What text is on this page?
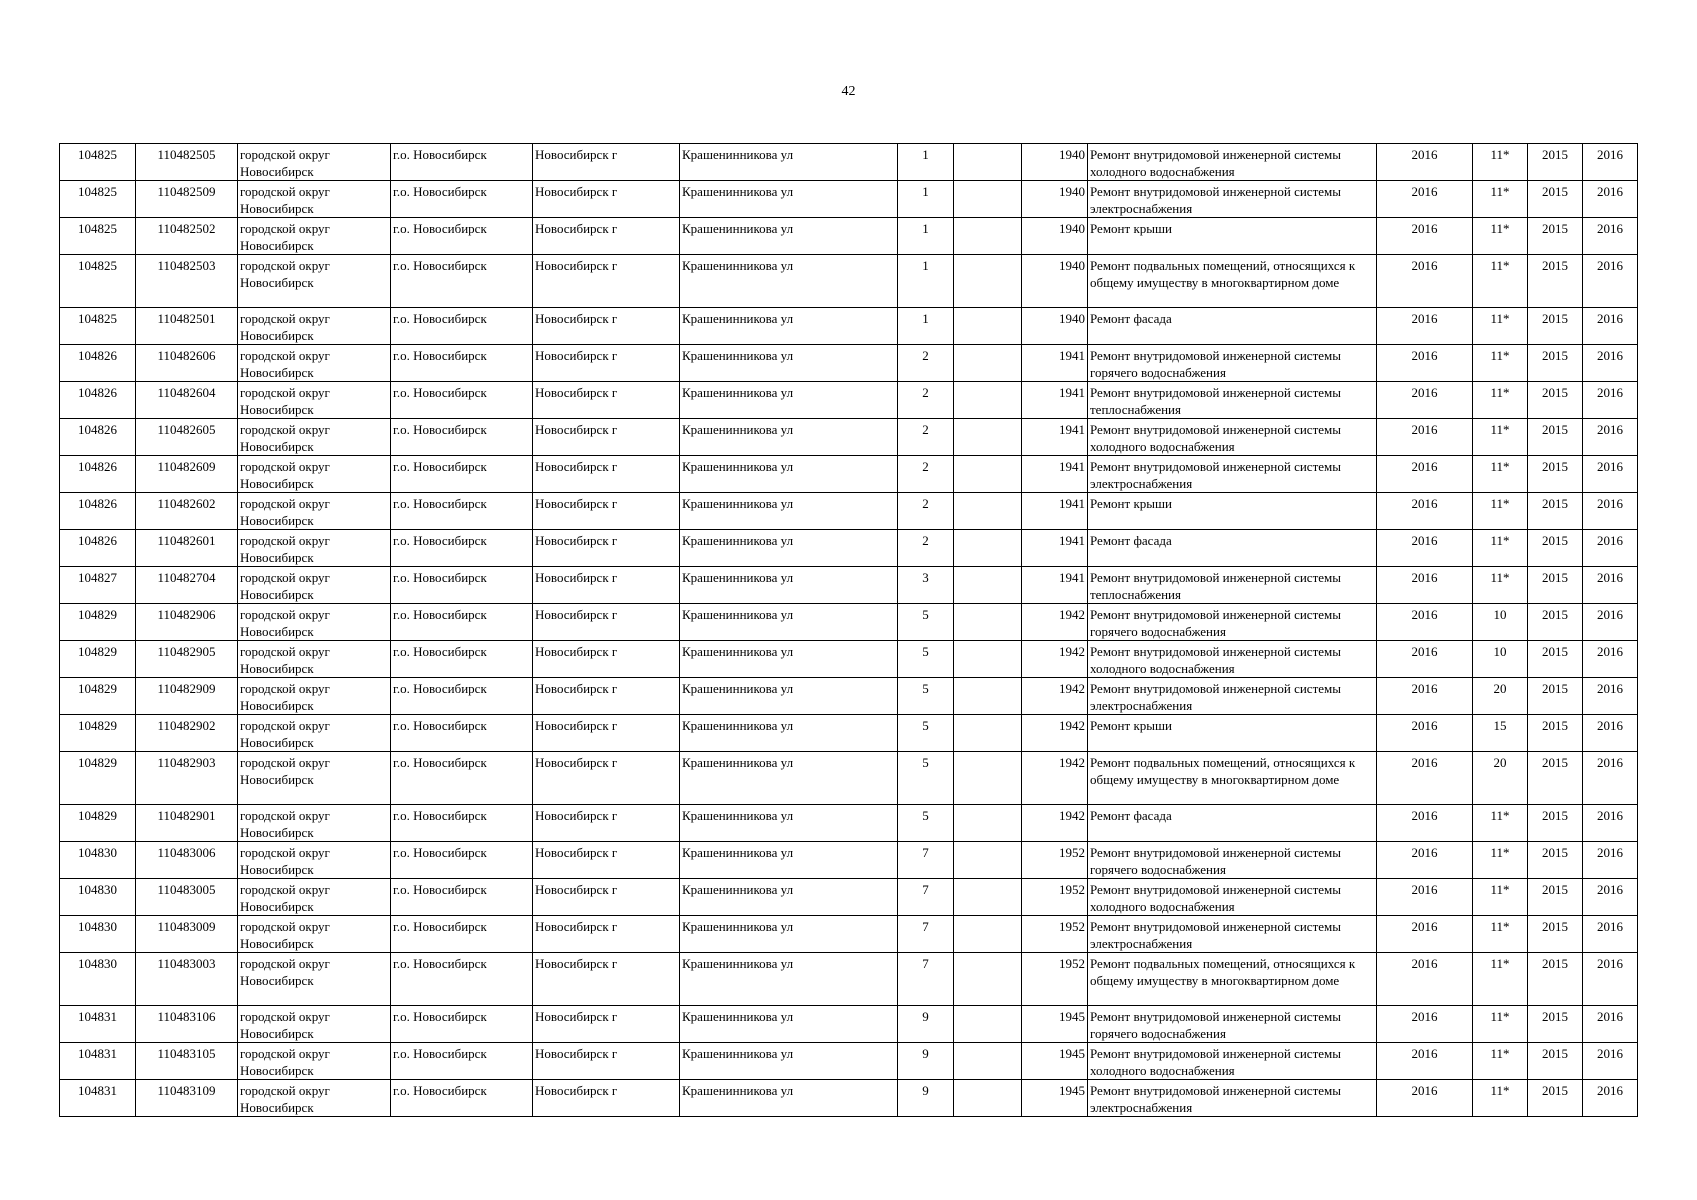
42
104825	110482505	городской округ Новосибирск	г.о. Новосибирск	Новосибирск г	Крашенинникова ул	1		1940	Ремонт внутридомовой инженерной системы холодного водоснабжения	2016	11*	2015	2016
104825	110482509	городской округ Новосибирск	г.о. Новосибирск	Новосибирск г	Крашенинникова ул	1		1940	Ремонт внутридомовой инженерной системы электроснабжения	2016	11*	2015	2016
104825	110482502	городской округ Новосибирск	г.о. Новосибирск	Новосибирск г	Крашенинникова ул	1		1940	Ремонт крыши	2016	11*	2015	2016
104825	110482503	городской округ Новосибирск	г.о. Новосибирск	Новосибирск г	Крашенинникова ул	1		1940	Ремонт подвальных помещений, относящихся к общему имуществу в многоквартирном доме	2016	11*	2015	2016
104825	110482501	городской округ Новосибирск	г.о. Новосибирск	Новосибирск г	Крашенинникова ул	1		1940	Ремонт фасада	2016	11*	2015	2016
104826	110482606	городской округ Новосибирск	г.о. Новосибирск	Новосибирск г	Крашенинникова ул	2		1941	Ремонт внутридомовой инженерной системы горячего водоснабжения	2016	11*	2015	2016
104826	110482604	городской округ Новосибирск	г.о. Новосибирск	Новосибирск г	Крашенинникова ул	2		1941	Ремонт внутридомовой инженерной системы теплоснабжения	2016	11*	2015	2016
104826	110482605	городской округ Новосибирск	г.о. Новосибирск	Новосибирск г	Крашенинникова ул	2		1941	Ремонт внутридомовой инженерной системы холодного водоснабжения	2016	11*	2015	2016
104826	110482609	городской округ Новосибирск	г.о. Новосибирск	Новосибирск г	Крашенинникова ул	2		1941	Ремонт внутридомовой инженерной системы электроснабжения	2016	11*	2015	2016
104826	110482602	городской округ Новосибирск	г.о. Новосибирск	Новосибирск г	Крашенинникова ул	2		1941	Ремонт крыши	2016	11*	2015	2016
104826	110482601	городской округ Новосибирск	г.о. Новосибирск	Новосибирск г	Крашенинникова ул	2		1941	Ремонт фасада	2016	11*	2015	2016
104827	110482704	городской округ Новосибирск	г.о. Новосибирск	Новосибирск г	Крашенинникова ул	3		1941	Ремонт внутридомовой инженерной системы теплоснабжения	2016	11*	2015	2016
104829	110482906	городской округ Новосибирск	г.о. Новосибирск	Новосибирск г	Крашенинникова ул	5		1942	Ремонт внутридомовой инженерной системы горячего водоснабжения	2016	10	2015	2016
104829	110482905	городской округ Новосибирск	г.о. Новосибирск	Новосибирск г	Крашенинникова ул	5		1942	Ремонт внутридомовой инженерной системы холодного водоснабжения	2016	10	2015	2016
104829	110482909	городской округ Новосибирск	г.о. Новосибирск	Новосибирск г	Крашенинникова ул	5		1942	Ремонт внутридомовой инженерной системы электроснабжения	2016	20	2015	2016
104829	110482902	городской округ Новосибирск	г.о. Новосибирск	Новосибирск г	Крашенинникова ул	5		1942	Ремонт крыши	2016	15	2015	2016
104829	110482903	городской округ Новосибирск	г.о. Новосибирск	Новосибирск г	Крашенинникова ул	5		1942	Ремонт подвальных помещений, относящихся к общему имуществу в многоквартирном доме	2016	20	2015	2016
104829	110482901	городской округ Новосибирск	г.о. Новосибирск	Новосибирск г	Крашенинникова ул	5		1942	Ремонт фасада	2016	11*	2015	2016
104830	110483006	городской округ Новосибирск	г.о. Новосибирск	Новосибирск г	Крашенинникова ул	7		1952	Ремонт внутридомовой инженерной системы горячего водоснабжения	2016	11*	2015	2016
104830	110483005	городской округ Новосибирск	г.о. Новосибирск	Новосибирск г	Крашенинникова ул	7		1952	Ремонт внутридомовой инженерной системы холодного водоснабжения	2016	11*	2015	2016
104830	110483009	городской округ Новосибирск	г.о. Новосибирск	Новосибирск г	Крашенинникова ул	7		1952	Ремонт внутридомовой инженерной системы электроснабжения	2016	11*	2015	2016
104830	110483003	городской округ Новосибирск	г.о. Новосибирск	Новосибирск г	Крашенинникова ул	7		1952	Ремонт подвальных помещений, относящихся к общему имуществу в многоквартирном доме	2016	11*	2015	2016
104831	110483106	городской округ Новосибирск	г.о. Новосибирск	Новосибирск г	Крашенинникова ул	9		1945	Ремонт внутридомовой инженерной системы горячего водоснабжения	2016	11*	2015	2016
104831	110483105	городской округ Новосибирск	г.о. Новосибирск	Новосибирск г	Крашенинникова ул	9		1945	Ремонт внутридомовой инженерной системы холодного водоснабжения	2016	11*	2015	2016
104831	110483109	городской округ Новосибирск	г.о. Новосибирск	Новосибирск г	Крашенинникова ул	9		1945	Ремонт внутридомовой инженерной системы электроснабжения	2016	11*	2015	2016
